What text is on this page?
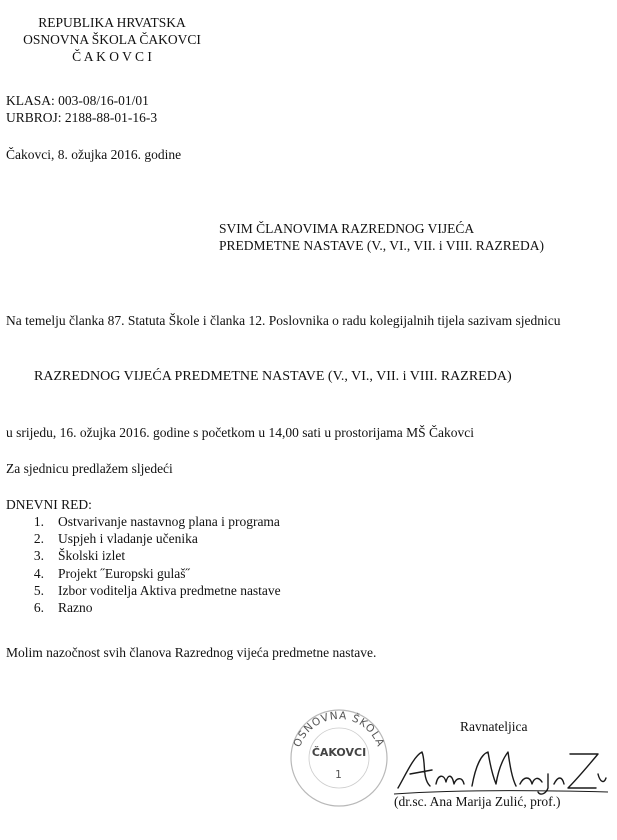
REPUBLIKA HRVATSKA
OSNOVNA ŠKOLA ČAKOVCI
Č A K O V C I
KLASA: 003-08/16-01/01
URBROJ: 2188-88-01-16-3
Čakovci, 8. ožujka 2016. godine
SVIM ČLANOVIMA RAZREDNOG VIJEĆA
PREDMETNE NASTAVE (V., VI., VII. i VIII. RAZREDA)
Na temelju članka 87. Statuta Škole i članka 12. Poslovnika o radu kolegijalnih tijela sazivam sjednicu
RAZREDNOG VIJEĆA PREDMETNE NASTAVE (V., VI., VII. i VIII. RAZREDA)
u srijedu, 16. ožujka 2016. godine s početkom u 14,00 sati u prostorijama MŠ Čakovci
Za sjednicu predlažem sljedeći
DNEVNI RED:
1.	Ostvarivanje nastavnog plana i programa
2.	Uspjeh i vladanje učenika
3.	Školski izlet
4.	Projekt ˝Europski gulaš˝
5.	Izbor voditelja Aktiva predmetne nastave
6.	Razno
Molim nazočnost svih članova Razrednog vijeća predmetne nastave.
Ravnateljica
OSNOVNA ŠKOLA
ČAKOVCI
1
(dr.sc. Ana Marija Zulić, prof.)
